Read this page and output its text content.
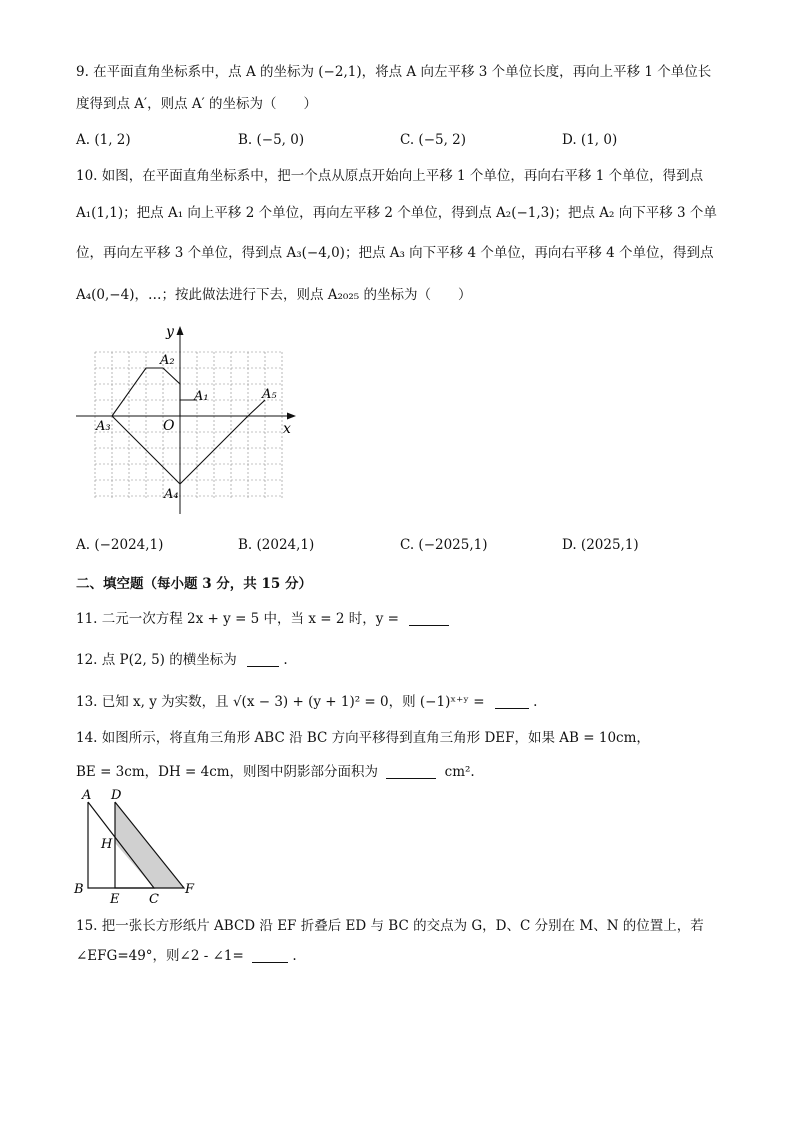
9. 在平面直角坐标系中，点 A 的坐标为 (−2,1)，将点 A 向左平移 3 个单位长度，再向上平移 1 个单位长
度得到点 A′，则点 A′ 的坐标为（　　）
A. (1, 2)	B. (−5, 0)	C. (−5, 2)	D. (1, 0)
10. 如图，在平面直角坐标系中，把一个点从原点开始向上平移 1 个单位，再向右平移 1 个单位，得到点
A₁(1,1)；把点 A₁ 向上平移 2 个单位，再向左平移 2 个单位，得到点 A₂(−1,3)；把点 A₂ 向下平移 3 个单
位，再向左平移 3 个单位，得到点 A₃(−4,0)；把点 A₃ 向下平移 4 个单位，再向右平移 4 个单位，得到点
A₄(0,−4)，…；按此做法进行下去，则点 A₂₀₂₅ 的坐标为（　　）
x
y
O
A₁
A₂
A₃
A₄
A₅
A. (−2024,1)	B. (2024,1)	C. (−2025,1)	D. (2025,1)
二、填空题（每小题 3 分，共 15 分）
11. 二元一次方程 2x + y = 5 中，当 x = 2 时，y =
12. 点 P(2, 5) 的横坐标为	.
13. 已知 x, y 为实数，且 √(x − 3) + (y + 1)² = 0，则 (−1)ˣ⁺ʸ =	.
14. 如图所示，将直角三角形 ABC 沿 BC 方向平移得到直角三角形 DEF，如果 AB = 10cm，
BE = 3cm，DH = 4cm，则图中阴影部分面积为	cm².
A D
H
B
E C
F
15. 把一张长方形纸片 ABCD 沿 EF 折叠后 ED 与 BC 的交点为 G，D、C 分别在 M、N 的位置上，若
∠EFG=49°，则∠2 - ∠1=	.
